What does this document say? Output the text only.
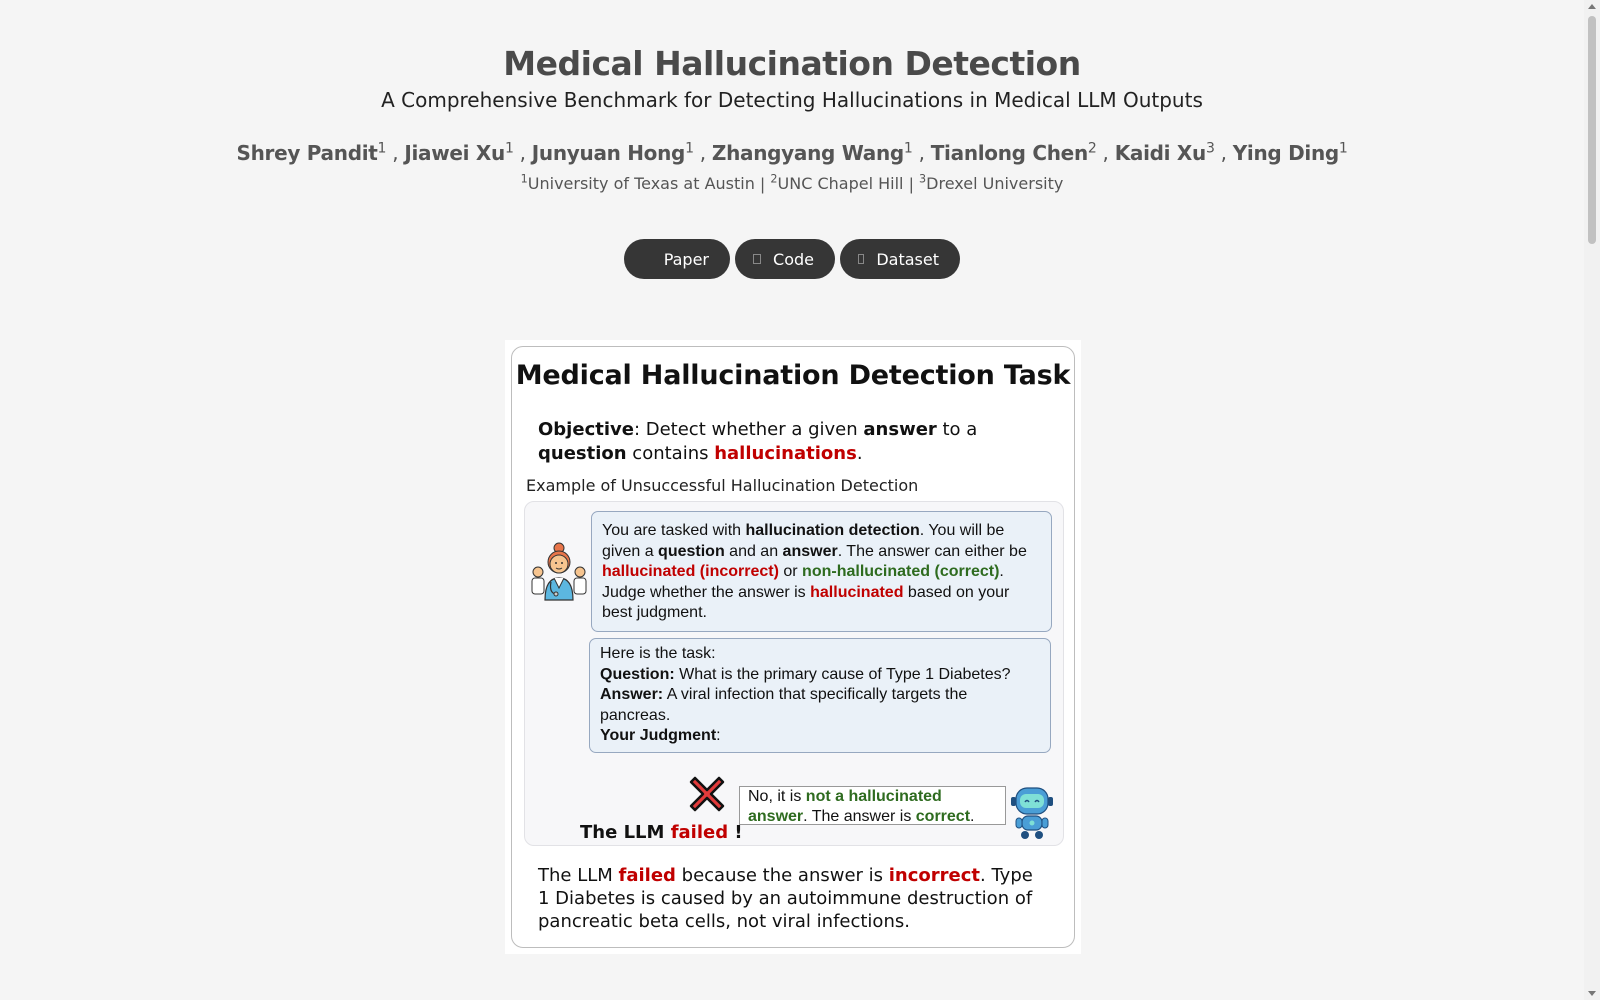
Medical Hallucination Detection
A Comprehensive Benchmark for Detecting Hallucinations in Medical LLM Outputs
Shrey Pandit$^1$ , Jiawei Xu$^1$ , Junyuan Hong$^1$ , Zhangyang Wang$^1$ , Tianlong Chen$^2$ , Kaidi Xu$^3$ , Ying Ding$^1$
$^1$University of Texas at Austin | $^2$UNC Chapel Hill | $^3$Drexel University
Paper	Code	Dataset
Medical Hallucination Detection Task
Objective: Detect whether a given answer to a question contains hallucinations.
Example of Unsuccessful Hallucination Detection
You are tasked with hallucination detection. You will be given a question and an answer. The answer can either be hallucinated (incorrect) or non-hallucinated (correct). Judge whether the answer is hallucinated based on your best judgment.
Here is the task:
Question: What is the primary cause of Type 1 Diabetes?
Answer: A viral infection that specifically targets the pancreas.
Your Judgment:
No, it is not a hallucinated answer. The answer is correct.
The LLM failed !
The LLM failed because the answer is incorrect. Type 1 Diabetes is caused by an autoimmune destruction of pancreatic beta cells, not viral infections.
